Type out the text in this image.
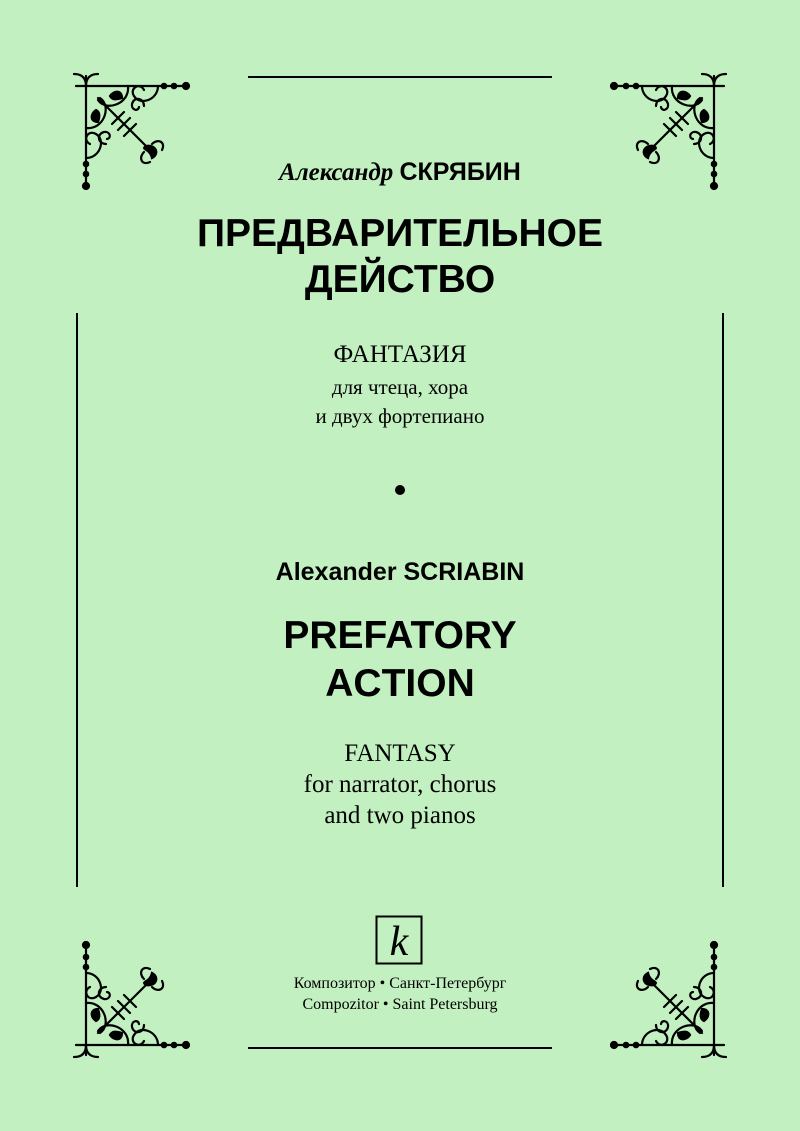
Александр СКРЯБИН
ПРЕДВАРИТЕЛЬНОЕ
ДЕЙСТВО
ФАНТАЗИЯ
для чтеца, хора
и двух фортепиано
Alexander SCRIABIN
PREFATORY
ACTION
FANTASY
for narrator, chorus
and two pianos
k
Композитор • Санкт-Петербург
Compozitor • Saint Petersburg
